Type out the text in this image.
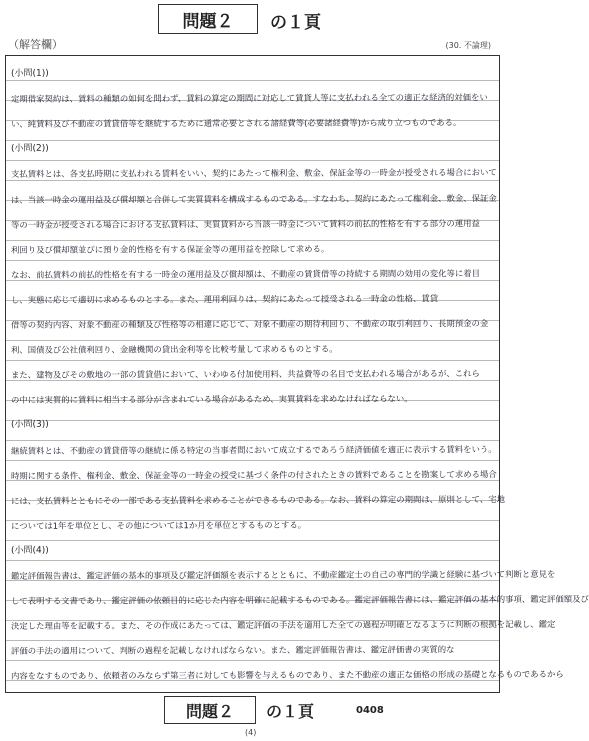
問題２	の１頁
（解答欄）	(30. 不論理)
(小問(1))
定期借家契約は、賃料の種類の如何を問わず、賃料の算定の期間に対応して賃貸人等に支払われる全ての適正な経済的対価をい
い、純賃料及び不動産の賃貸借等を継続するために通常必要とされる諸経費等(必要諸経費等)から成り立つものである。
(小問(2))
支払賃料とは、各支払時期に支払われる賃料をいい、契約にあたって権利金、敷金、保証金等の一時金が授受される場合において
は、当該一時金の運用益及び償却額と合併して実質賃料を構成するものである。すなわち、契約にあたって権利金、敷金、保証金
等の一時金が授受される場合における支払賃料は、実質賃料から当該一時金について賃料の前払的性格を有する部分の運用益
利回り及び償却額並びに預り金的性格を有する保証金等の運用益を控除して求める。
なお、前払賃料の前払的性格を有する一時金の運用益及び償却額は、不動産の賃貸借等の持続する期間の効用の変化等に着目
し、実態に応じて適切に求めるものとする。また、運用利回りは、契約にあたって授受される一時金の性格、賃貸
借等の契約内容、対象不動産の種類及び性格等の相違に応じて、対象不動産の期待利回り、不動産の取引利回り、長期預金の金
利、国債及び公社債利回り、金融機関の貸出金利等を比較考量して求めるものとする。
また、建物及びその敷地の一部の賃貸借において、いわゆる付加使用料、共益費等の名目で支払われる場合があるが、これら
の中には実質的に賃料に相当する部分が含まれている場合があるため、実質賃料を求めなければならない。
(小問(3))
継続賃料とは、不動産の賃貸借等の継続に係る特定の当事者間において成立するであろう経済価値を適正に表示する賃料をいう。
時期に関する条件、権利金、敷金、保証金等の一時金の授受に基づく条件の付されたときの賃料であることを勘案して求める場合
には、支払賃料とともにその一部である支払賃料を求めることができるものである。なお、賃料の算定の期間は、原則として、宅地
については1年を単位とし、その他については1か月を単位とするものとする。
(小問(4))
鑑定評価報告書は、鑑定評価の基本的事項及び鑑定評価額を表示するとともに、不動産鑑定士の自己の専門的学識と経験に基づいて判断と意見を
して表明する文書であり、鑑定評価の依頼目的に応じた内容を明確に記載するものである。鑑定評価報告書には、鑑定評価の基本的事項、鑑定評価額及び
決定した理由等を記載する。また、その作成にあたっては、鑑定評価の手法を適用した全ての過程が明確となるように判断の根拠を記載し、鑑定
評価の手法の適用について、判断の過程を記載しなければならない。また、鑑定評価報告書は、鑑定評価書の実質的な
内容をなすものであり、依頼者のみならず第三者に対しても影響を与えるものであり、また不動産の適正な価格の形成の基礎となるものであるから
問題２	の１頁	0408
(4)
